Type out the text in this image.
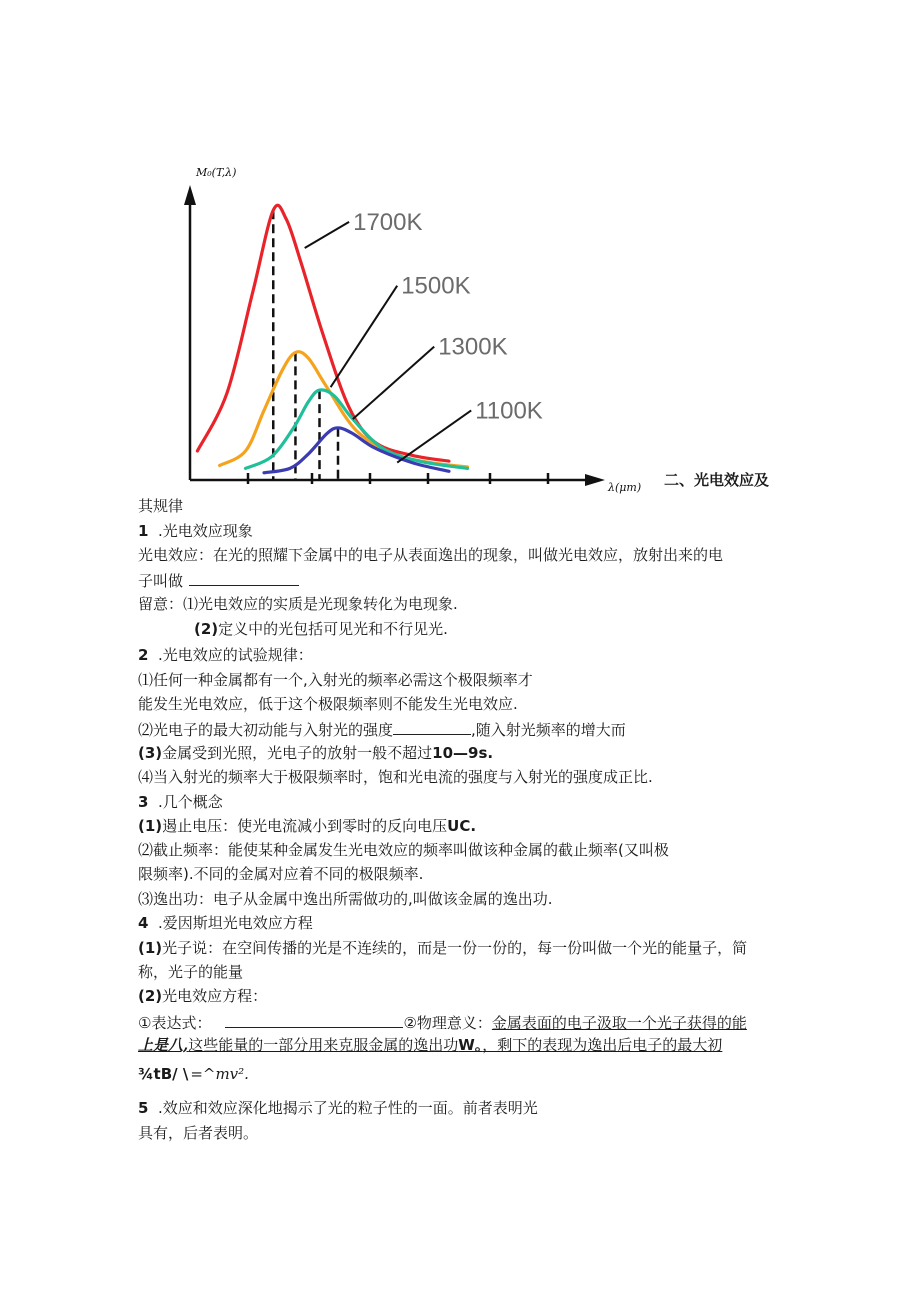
M₀(T,λ)
λ(μm)
1700K
1500K
1300K
1100K
二、光电效应及
其规律
1 .光电效应现象
光电效应：在光的照耀下金属中的电子从表面逸出的现象，叫做光电效应，放射出来的电
子叫做
留意：⑴光电效应的实质是光现象转化为电现象.
(2)定义中的光包括可见光和不行见光.
2 .光电效应的试验规律：
⑴任何一种金属都有一个,入射光的频率必需这个极限频率才
能发生光电效应，低于这个极限频率则不能发生光电效应.
⑵光电子的最大初动能与入射光的强度	,随入射光频率的增大而
(3)金属受到光照，光电子的放射一般不超过10—9s.
⑷当入射光的频率大于极限频率时，饱和光电流的强度与入射光的强度成正比.
3 .几个概念
(1)遏止电压：使光电流减小到零时的反向电压UC.
⑵截止频率：能使某种金属发生光电效应的频率叫做该种金属的截止频率(又叫极
限频率).不同的金属对应着不同的极限频率.
⑶逸出功：电子从金属中逸出所需做功的,叫做该金属的逸出功.
4 .爱因斯坦光电效应方程
(1)光子说：在空间传播的光是不连续的，而是一份一份的，每一份叫做一个光的能量子，简
称，光子的能量
(2)光电效应方程：
①表达式：	②物理意义：金属表面的电子汲取一个光子获得的能
上是八,这些能量的一部分用来克服金属的逸出功W。，剩下的表现为逸出后电子的最大初
¾tB/ \ =^mv².
5 .效应和效应深化地揭示了光的粒子性的一面。前者表明光
具有，后者表明。
